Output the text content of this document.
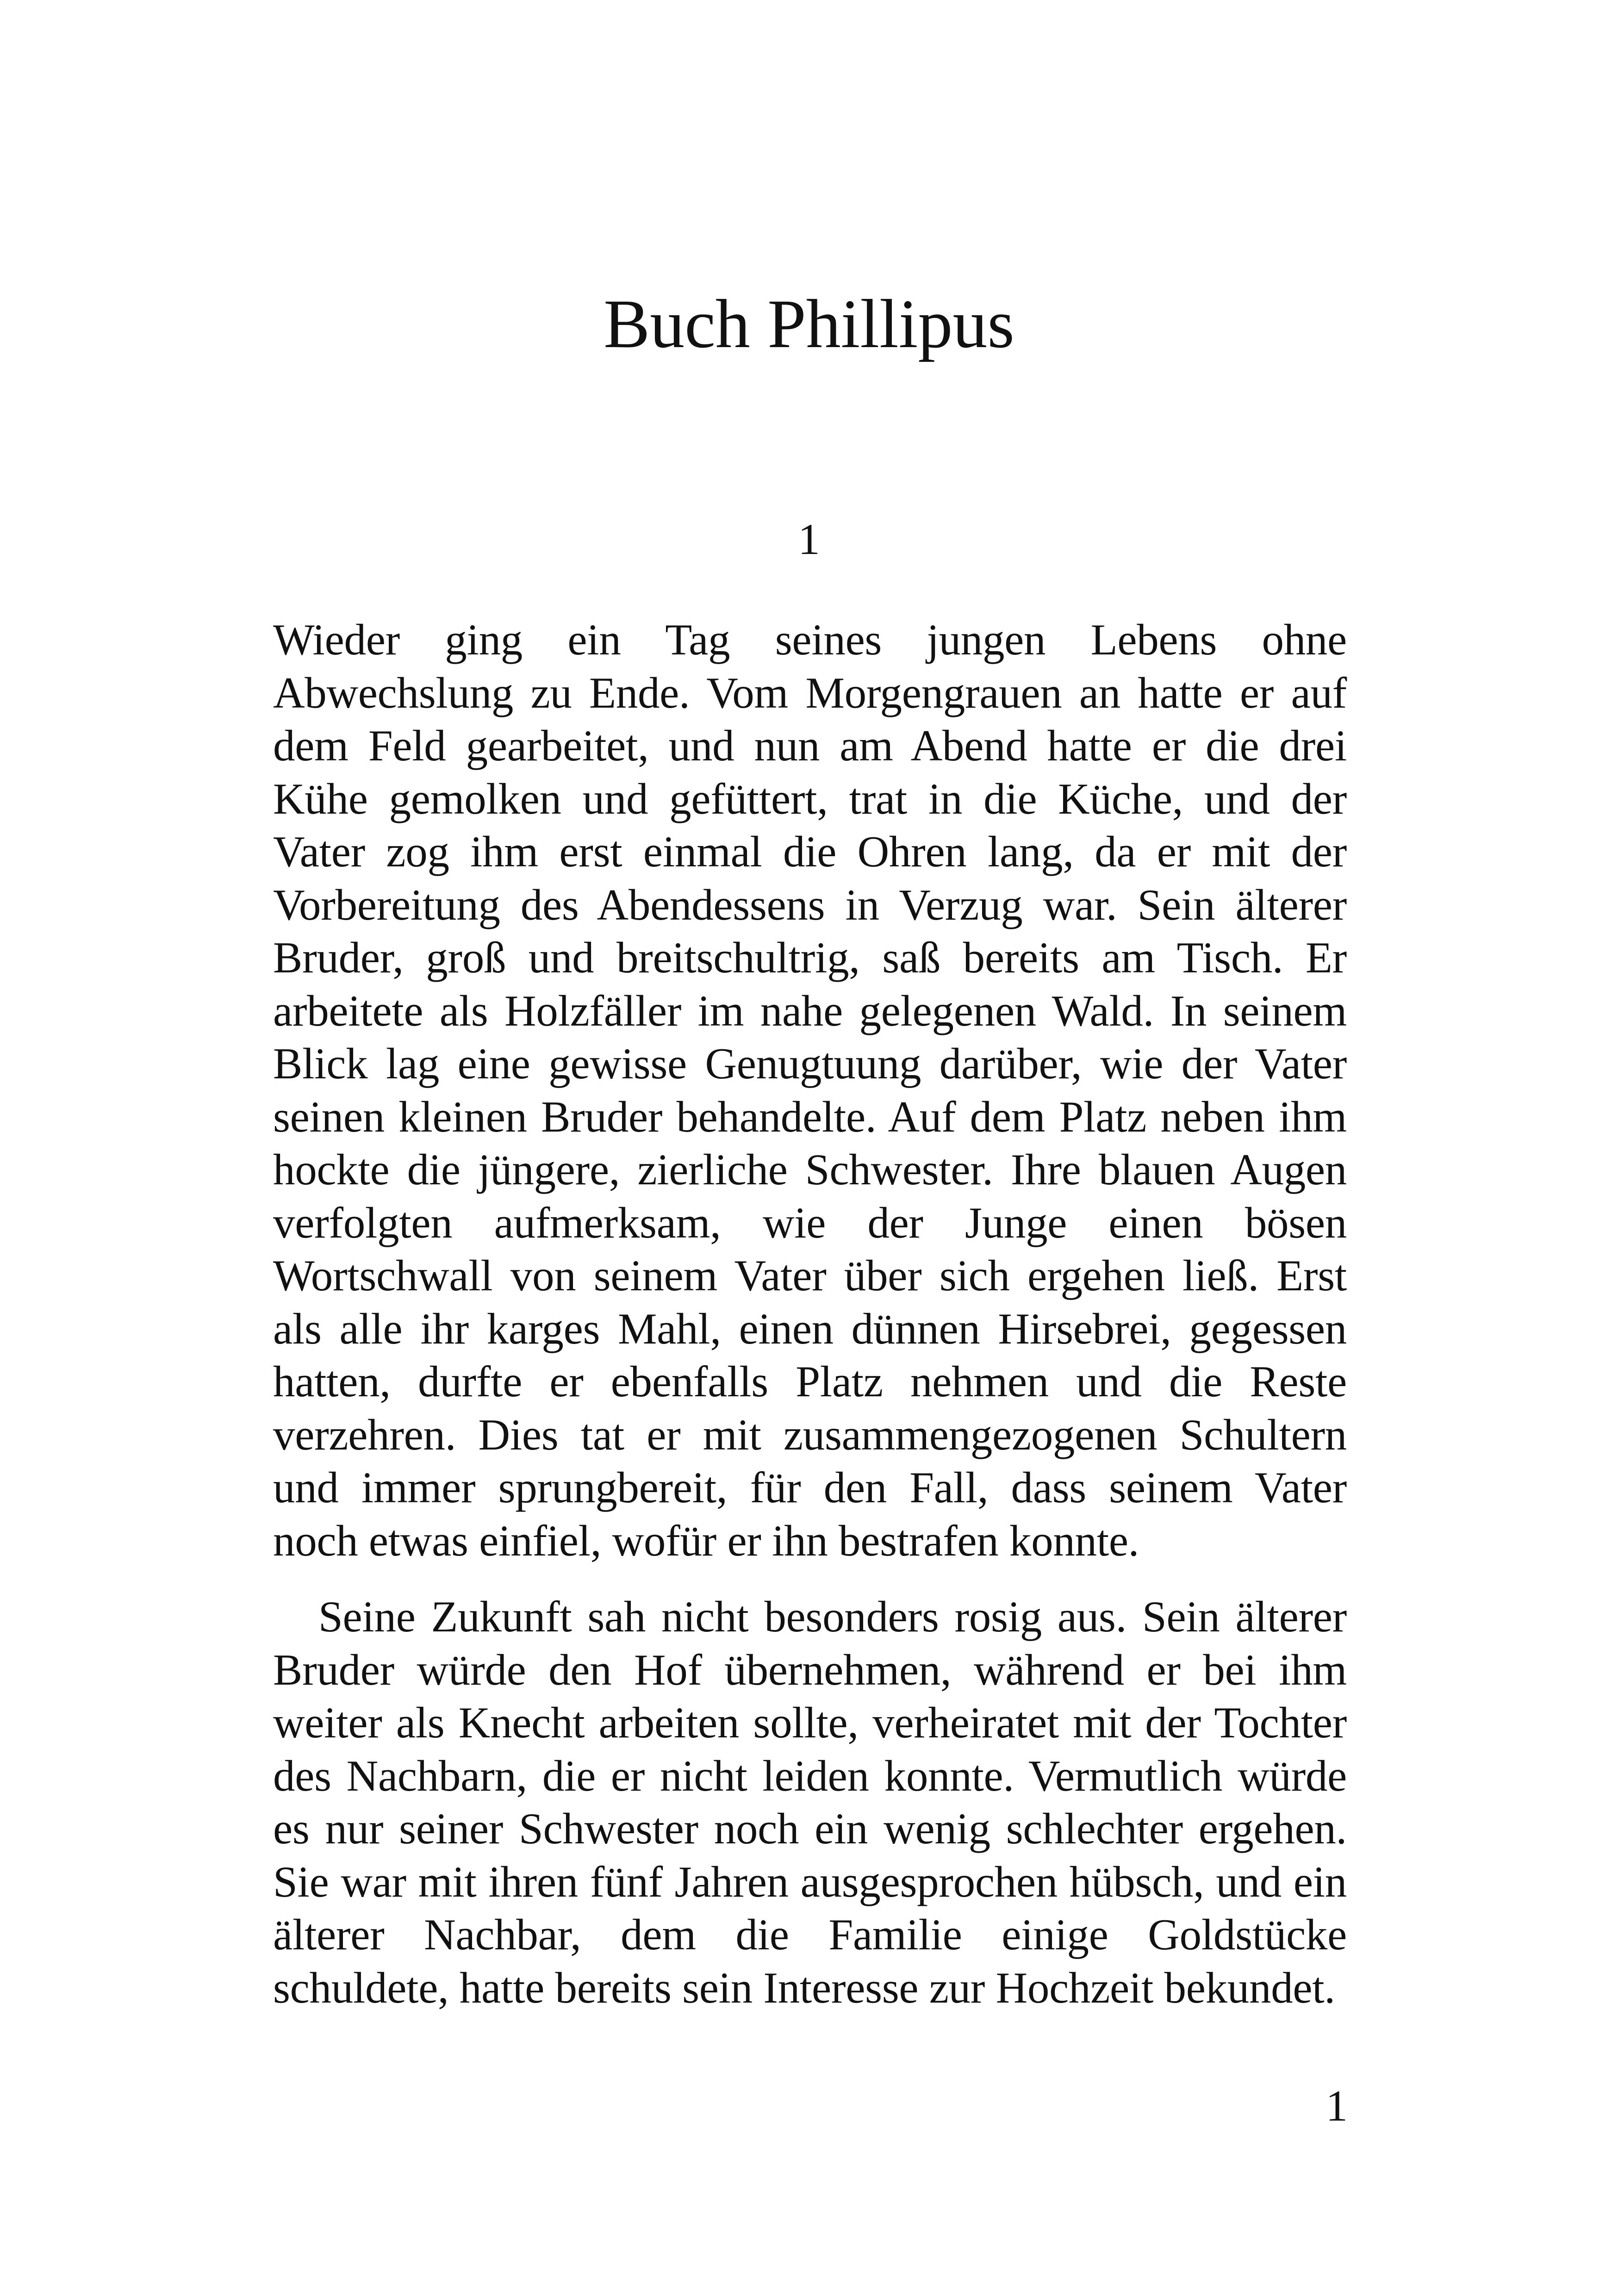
Buch Phillipus
1

Wieder ging ein Tag seines jungen Lebens ohne Abwechslung zu Ende. Vom Morgengrauen an hatte er auf dem Feld gearbeitet, und nun am Abend hatte er die drei Kühe gemolken und gefüttert, trat in die Küche, und der Vater zog ihm erst einmal die Ohren lang, da er mit der Vorbereitung des Abendessens in Verzug war. Sein älterer Bruder, groß und breitschultrig, saß bereits am Tisch. Er arbeitete als Holzfäller im nahe gelegenen Wald. In seinem Blick lag eine gewisse Genugtuung darüber, wie der Vater seinen kleinen Bruder behandelte. Auf dem Platz neben ihm hockte die jüngere, zierliche Schwester. Ihre blauen Augen verfolgten aufmerksam, wie der Junge einen bösen Wortschwall von seinem Vater über sich ergehen ließ. Erst als alle ihr karges Mahl, einen dünnen Hirsebrei, gegessen hatten, durfte er ebenfalls Platz nehmen und die Reste verzehren. Dies tat er mit zusammengezogenen Schultern und immer sprungbereit, für den Fall, dass seinem Vater noch etwas einfiel, wofür er ihn bestrafen konnte.

Seine Zukunft sah nicht besonders rosig aus. Sein älterer Bruder würde den Hof übernehmen, während er bei ihm weiter als Knecht arbeiten sollte, verheiratet mit der Tochter des Nachbarn, die er nicht leiden konnte. Vermutlich würde es nur seiner Schwester noch ein wenig schlechter ergehen. Sie war mit ihren fünf Jahren ausgesprochen hübsch, und ein älterer Nachbar, dem die Familie einige Goldstücke schuldete, hatte bereits sein Interesse zur Hochzeit bekundet.

1
